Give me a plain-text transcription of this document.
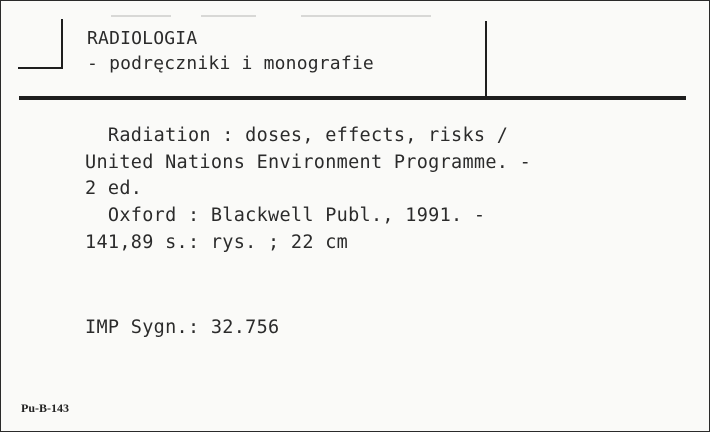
RADIOLOGIA
- podręczniki i monografie
Radiation : doses, effects, risks /
United Nations Environment Programme. -
2 ed.
Oxford : Blackwell Publ., 1991. -
141,89 s.: rys. ; 22 cm
IMP Sygn.: 32.756
Pu-B-143
